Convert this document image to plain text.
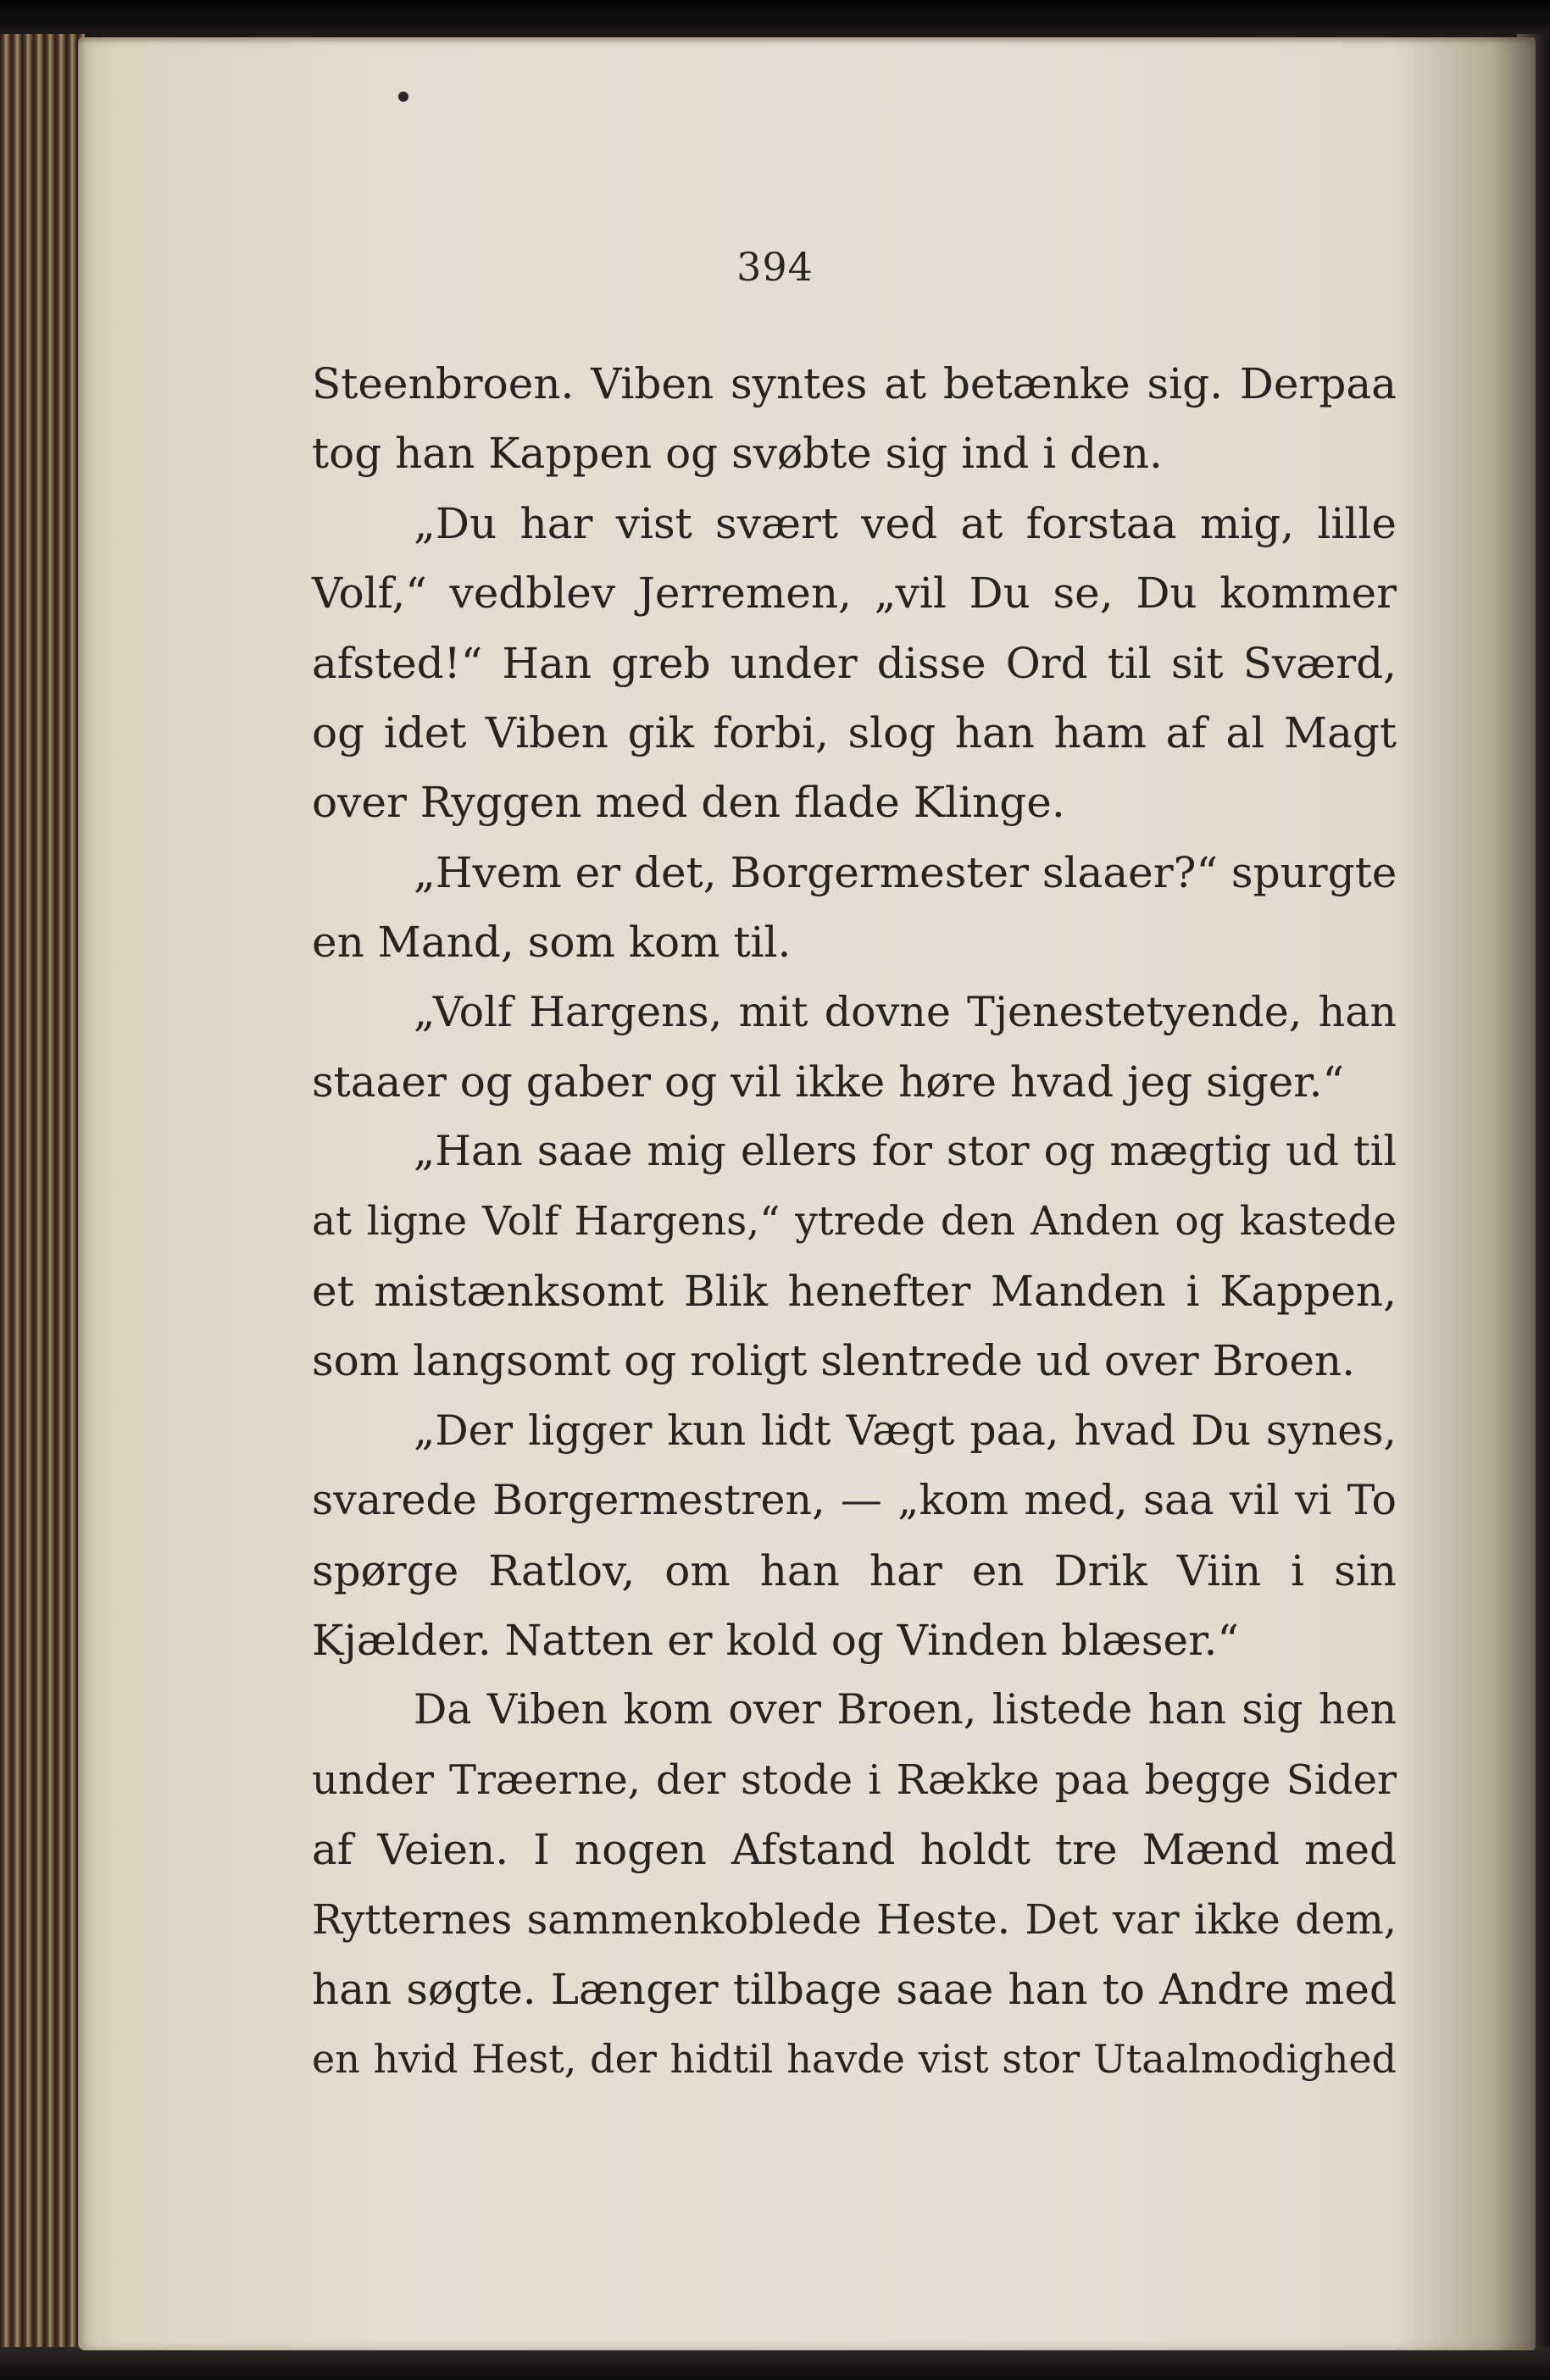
394
Steenbroen. Viben syntes at betænke sig. Derpaa
tog han Kappen og svøbte sig ind i den.
„Du har vist svært ved at forstaa mig, lille
Volf,“ vedblev Jerremen, „vil Du se, Du kommer
afsted!“ Han greb under disse Ord til sit Sværd,
og idet Viben gik forbi, slog han ham af al Magt
over Ryggen med den flade Klinge.
„Hvem er det, Borgermester slaaer?“ spurgte
en Mand, som kom til.
„Volf Hargens, mit dovne Tjenestetyende, han
staaer og gaber og vil ikke høre hvad jeg siger.“
„Han saae mig ellers for stor og mægtig ud til
at ligne Volf Hargens,“ ytrede den Anden og kastede
et mistænksomt Blik henefter Manden i Kappen,
som langsomt og roligt slentrede ud over Broen.
„Der ligger kun lidt Vægt paa, hvad Du synes,
svarede Borgermestren, — „kom med, saa vil vi To
spørge Ratlov, om han har en Drik Viin i sin
Kjælder. Natten er kold og Vinden blæser.“
Da Viben kom over Broen, listede han sig hen
under Træerne, der stode i Række paa begge Sider
af Veien. I nogen Afstand holdt tre Mænd med
Rytternes sammenkoblede Heste. Det var ikke dem,
han søgte. Længer tilbage saae han to Andre med
en hvid Hest, der hidtil havde vist stor Utaalmodighed
